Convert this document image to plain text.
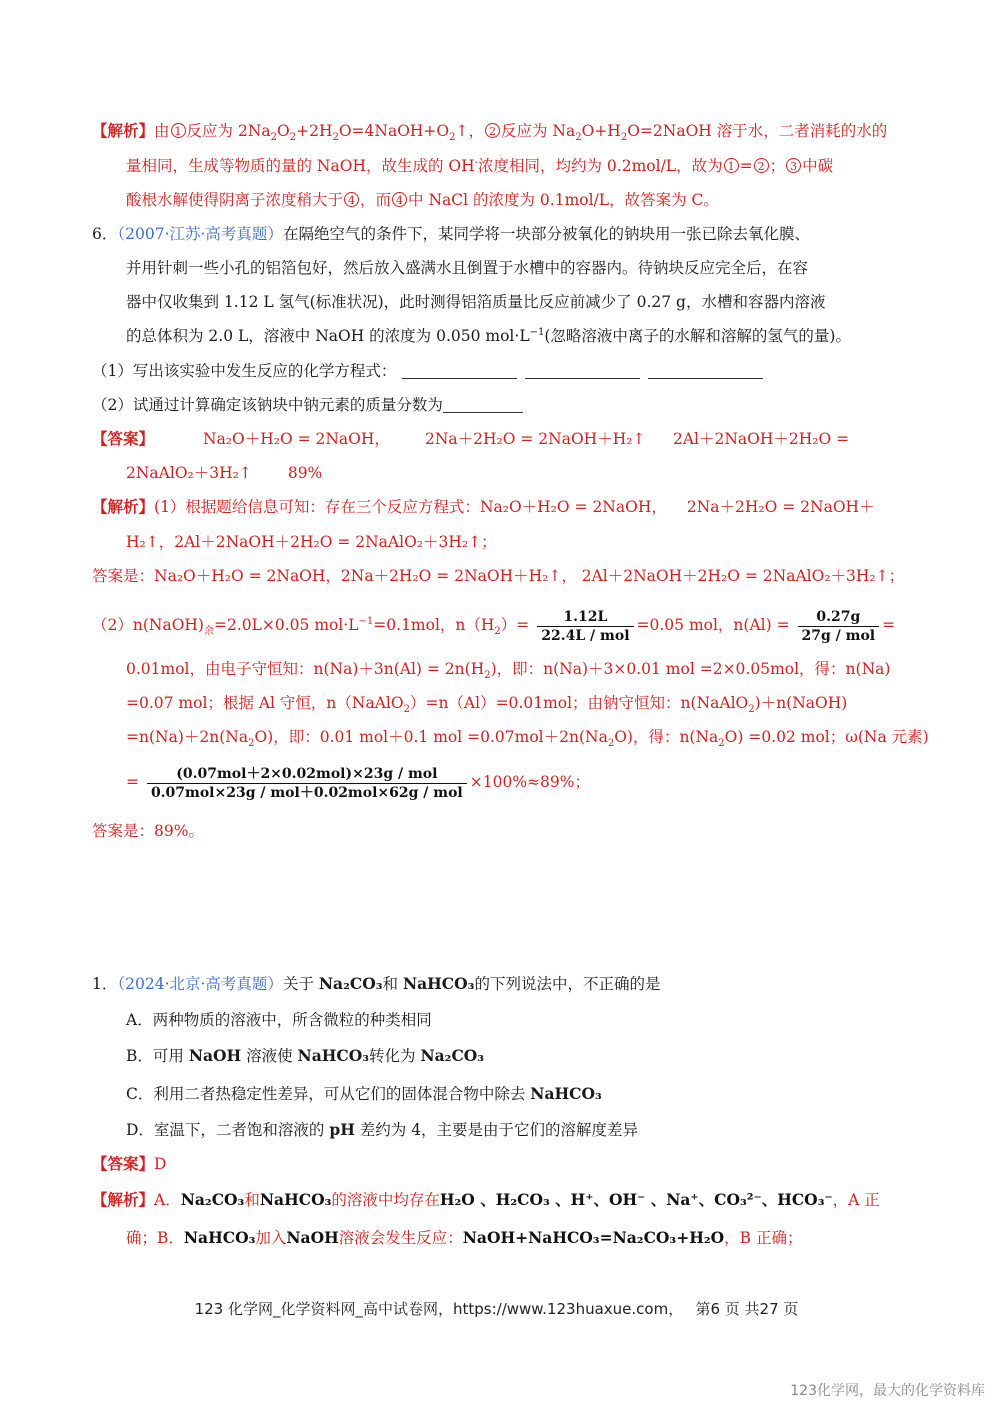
【解析】由 1 反应为 $2Na_2O_2+2H_2O=4NaOH+O_2↑$， 2 反应为 $Na_2O+H_2O=2NaOH$ 溶于水，二者消耗的水的
量相同，生成等物质的量的 NaOH，故生成的 OH-浓度相同，均约为 0.2mol/L，故为 1 = 2 ； 3 中碳
酸根水解使得阴离子浓度稍大于 4 ，而 4 中 NaCl 的浓度为 0.1mol/L，故答案为 C。
6．（2007·江苏·高考真题）在隔绝空气的条件下，某同学将一块部分被氧化的钠块用一张已除去氧化膜、
并用针刺一些小孔的铝箔包好，然后放入盛满水且倒置于水槽中的容器内。待钠块反应完全后，在容
器中仅收集到 1.12 L 氢气(标准状况)，此时测得铝箔质量比反应前减少了 0.27 g，水槽和容器内溶液
的总体积为 2.0 L，溶液中 NaOH 的浓度为 0.050 $mol\cdot L^{-1}$(忽略溶液中离子的水解和溶解的氢气的量)。
（1）写出该实验中发生反应的化学方程式：
（2）试通过计算确定该钠块中钠元素的质量分数为
【答案】	Na₂O＋H₂O = 2NaOH， 2Na＋2H₂O = 2NaOH＋H₂↑ 2Al＋2NaOH＋2H₂O =
2NaAlO₂＋3H₂↑ 89%
【解析】(1）根据题给信息可知：存在三个反应方程式：Na₂O＋H₂O = 2NaOH， 2Na＋2H₂O = 2NaOH＋
H₂↑，2Al＋2NaOH＋2H₂O = 2NaAlO₂＋3H₂↑；
答案是：Na₂O＋H₂O = 2NaOH，2Na＋2H₂O = 2NaOH＋H₂↑， 2Al＋2NaOH＋2H₂O = 2NaAlO₂＋3H₂↑；
$(2)n(NaOH)_余=2.0L\times 0.05$ $mol\cdot L^{-1}=0.1mol$，$n(H_2)= \frac{1.12L}{\text{22.4L / mol}} =0.05$ mol，$n(Al) = \frac{0.27g}{\text{27g / mol}}$ =
0.01mol，由电子守恒知：$n(Na)+3n(Al) = 2n(H_2)$，即：n(Na)＋3×0.01 mol =2×0.05mol，得：n(Na)
=0.07 mol；根据 Al 守恒，n（NaAlO$_2$）=n（Al）=0.01mol；由钠守恒知：n(NaAlO$_2$)＋n(NaOH)
$=n(Na)+2n(Na_2O)$，即：0.01 mol＋0.1 mol $=0.07mol+2n(Na_2O)$，得：$n(Na_2O) =0.02$ mol；ω(Na 元素)
= $\frac{\text{(0.07mol＋2×0.02mol)×23g / mol}}{\text{0.07mol×23g / mol＋0.02mol×62g / mol}} \times 100\%\approx 89\%$；
答案是：89%。
1．（2024·北京·高考真题）关于 Na₂CO₃和 NaHCO₃的下列说法中，不正确的是
A．两种物质的溶液中，所含微粒的种类相同
B．可用 NaOH 溶液使 NaHCO₃转化为 Na₂CO₃
C．利用二者热稳定性差异，可从它们的固体混合物中除去 NaHCO₃
D．室温下，二者饱和溶液的 pH 差约为 4，主要是由于它们的溶解度差异
【答案】D
【解析】A．Na₂CO₃和NaHCO₃的溶液中均存在H₂O 、H₂CO₃ 、H⁺、OH⁻ 、Na⁺、CO₃²⁻、HCO₃⁻，A 正
确；B．NaHCO₃加入NaOH溶液会发生反应：NaOH+NaHCO₃=Na₂CO₃+H₂O，B 正确；
123 化学网_化学资料网_高中试卷网，https://www.123huaxue.com，　 第6 页 共27 页
123化学网，最大的化学资料库
